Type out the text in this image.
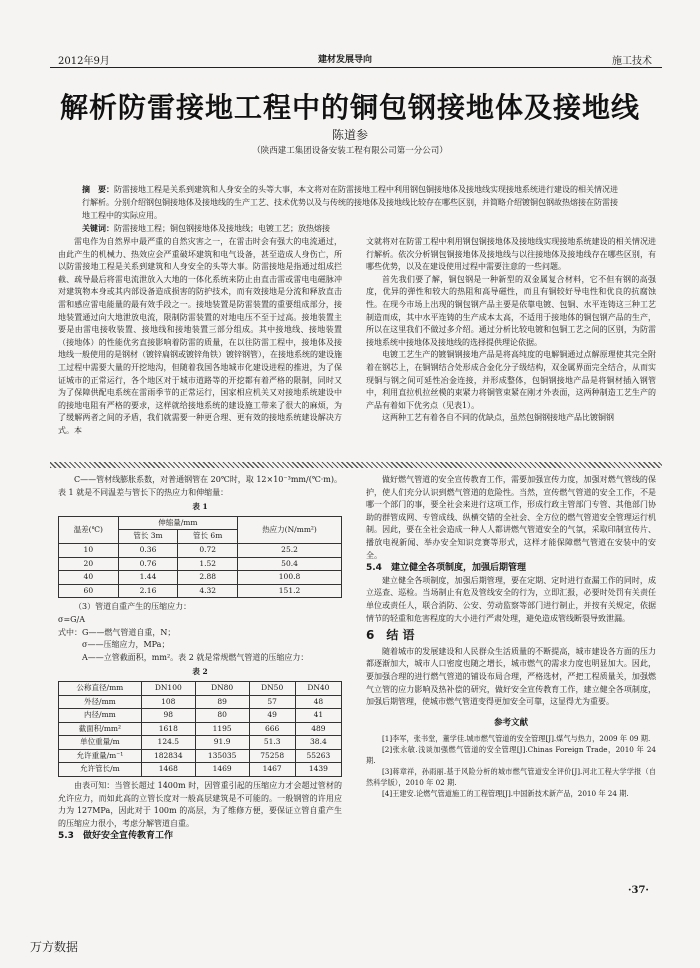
2012年9月	建材发展导向	施工技术
解析防雷接地工程中的铜包钢接地体及接地线
陈道参
（陕西建工集团设备安装工程有限公司第一分公司）
摘　要：防雷接地工程是关系到建筑和人身安全的头等大事，本文将对在防雷接地工程中利用钢包铜接地体及接地线实现接地系统进行建设的相关情况进行解析。分别介绍钢包铜接地体及接地线的生产工艺、技术优势以及与传统的接地体及接地线比较存在哪些区别，并简略介绍镀铜包钢故热熔接在防雷接地工程中的实际应用。
关键词：防雷接地工程；铜包钢接地体及接地线；电镀工艺；放热熔接

雷电作为自然界中最严重的自然灾害之一，在雷击时会有强大的电流通过，由此产生的机械力、热效应会严重破坏建筑和电气设备，甚至造成人身伤亡，所以防雷接地工程是关系到建筑和人身安全的头等大事。防雷接地是指通过组成拦截、疏导最后将雷电流泄放入大地的一体化系统来防止由直击雷或雷电电磁脉冲对建筑物本身或其内部设备造成损害的防护技术，而有效接地是分流和释放直击雷和感应雷电能量的最有效手段之一。接地装置是防雷装置的重要组成部分，接地装置通过向大地泄放电流，限制防雷装置的对地电压不至于过高。接地装置主要是由雷电接收装置、接地线和接地装置三部分组成。其中接地线、接地装置（接地体）的性能优劣直接影响着防雷的质量，在以往防雷工程中，接地体及接地线一般使用的是钢材（镀锌扁钢或镀锌角铁）镀锌钢管），在接地系统的建设施工过程中需要大量的开挖地沟，但随着我国各地城市化建设进程的推进，为了保证城市的正常运行，各个地区对于城市道路等的开挖都有着严格的限制，同时又为了保障供配电系统在雷雨季节的正常运行，国家相应机关又对接地系统建设中的接地电阻有严格的要求，这样就给接地系统的建设施工带来了很大的麻烦，为了缓解两者之间的矛盾，我们就需要一种更合理、更有效的接地系统建设解决方式。本

文就将对在防雷工程中利用钢包铜接地体及接地线实现接地系统建设的相关情况进行解析。依次分析钢包铜接地体及接地线与以往接地体及接地线存在哪些区别，有哪些优势，以及在建设使用过程中需要注意的一些问题。

首先我们要了解，铜包钢是一种新型的双金属复合材料，它不但有钢的高强度，优异的弹性和较大的热阻和高导磁性，而且有铜较好导电性和优良的抗腐蚀性。在现今市场上出现的铜包钢产品主要是依靠电镀、包铜、水平连铸这三种工艺制造而成，其中水平连铸的生产成本太高，不适用于接地体的铜包钢产品的生产，所以在这里我们不做过多介绍。通过分析比较电镀和包铜工艺之间的区别，为防雷接地系统中接地体及接地线的选择提供理论依据。

电镀工艺生产的镀铜钢接地产品是将高纯度的电解铜通过点解原理使其完全附着在钢芯上，在铜钢结合处形成合金化分子级结构，双金属界面完全结合，从而实现铜与钢之间可延性冶金连接，并形成整体，包铜钢接地产品是将铜材插入钢管中，利用直拉机拉丝模的束紧力将铜管束紧在刚才外表面，这两种制造工艺生产的产品有着如下优劣点（见表1）。

这两种工艺有着各自不同的优缺点，虽然包铜钢接地产品比镀铜钢

C——管材线膨胀系数，对普通钢管在 20℃时，取 12×10⁻³mm/(℃·m)。表 1 就是不同温差与管长下的热应力和伸缩量：

表 1
温差(℃)	伸缩量/mm		热应力(N/mm²)
	管长 3m	管长 6m	
10	0.36	0.72	25.2
20	0.76	1.52	50.4
40	1.44	2.88	100.8
60	2.16	4.32	151.2

（3）管道自重产生的压缩应力：

σ=G/A

式中：G——燃气管道自重，N；

σ——压缩应力，MPa；

A——立管截面积，mm²。表 2 就是常规燃气管道的压缩应力：

表 2
公称直径/mm	DN100	DN80	DN50	DN40
外径/mm	108	89	57	48
内径/mm	98	80	49	41
截面积/mm²	1618	1195	666	489
单位重量/m	124.5	91.9	51.3	38.4
允许重量/m⁻¹	182834	135035	75258	55263
允许管长/m	1468	1469	1467	1439

由表可知：当管长超过 1400m 时，因管重引起的压缩应力才会超过管材的允许应力，而如此高的立管长度对一般高层建筑是不可能的。一般钢管的许用应力为 127MPa，因此对于 100m 的高层，为了维修方便，要保证立管自重产生的压缩应力很小，考虑分解管道自重。

5.3　做好安全宣传教育工作

做好燃气管道的安全宣传教育工作，需要加强宣传力度，加强对燃气管线的保护，使人们充分认识到燃气管道的危险性。当然，宣传燃气管道的安全工作，不是哪一个部门的事，要全社会来进行这项工作，形成行政主管部门专管、其他部门协助的群管成网、专管成线、纵横交错的全社会、全方位的燃气管道安全管理运行机制。因此，要在全社会造成一种人人都讲燃气管道安全的气氛，采取印制宣传片、播放电视新闻、举办安全知识竞赛等形式，这样才能保障燃气管道在安装中的安全。

5.4　建立健全各项制度，加强后期管理

建立健全各项制度，加强后期管理，要在定期、定时进行查漏工作的同时，成立巡查、巡检。当场制止有危及管线安全的行为，立即汇报，必要时处罚有关责任单位或责任人，联合消防、公安、劳动监察等部门进行制止，并按有关规定，依据情节的轻重和危害程度的大小进行严肃处理，避免造成管线断裂导致泄漏。

6　结 语

随着城市的发展建设和人民群众生活质量的不断提高，城市建设各方面的压力都逐渐加大，城市人口密度也随之增长，城市燃气的需求力度也明显加大。因此，要加强合理的进行燃气管道的铺设布局合理，严格选材，严把工程质量关，加强燃气立管的应力影响及热补偿的研究，做好安全宣传教育工作，建立健全各项制度，加强后期管理，使城市燃气管道变得更加安全可靠，这显得尤为重要。

参考文献

[1]李军，张书堂，董学佳.城市燃气管道的安全管理[J].煤气与热力，2009 年 09 期.

[2]张永敏.浅谈加强燃气管道的安全管理[J].Chinas Foreign Trade，2010 年 24 期.

[3]蒋章祥，孙雨丽.基于风险分析的城市燃气管道安全评价[J].河北工程大学学报（自然科学版），2010 年 02 期.

[4]王建安.论燃气管道施工的工程管理[J].中国新技术新产品，2010 年 24 期.

·37·
万方数据
